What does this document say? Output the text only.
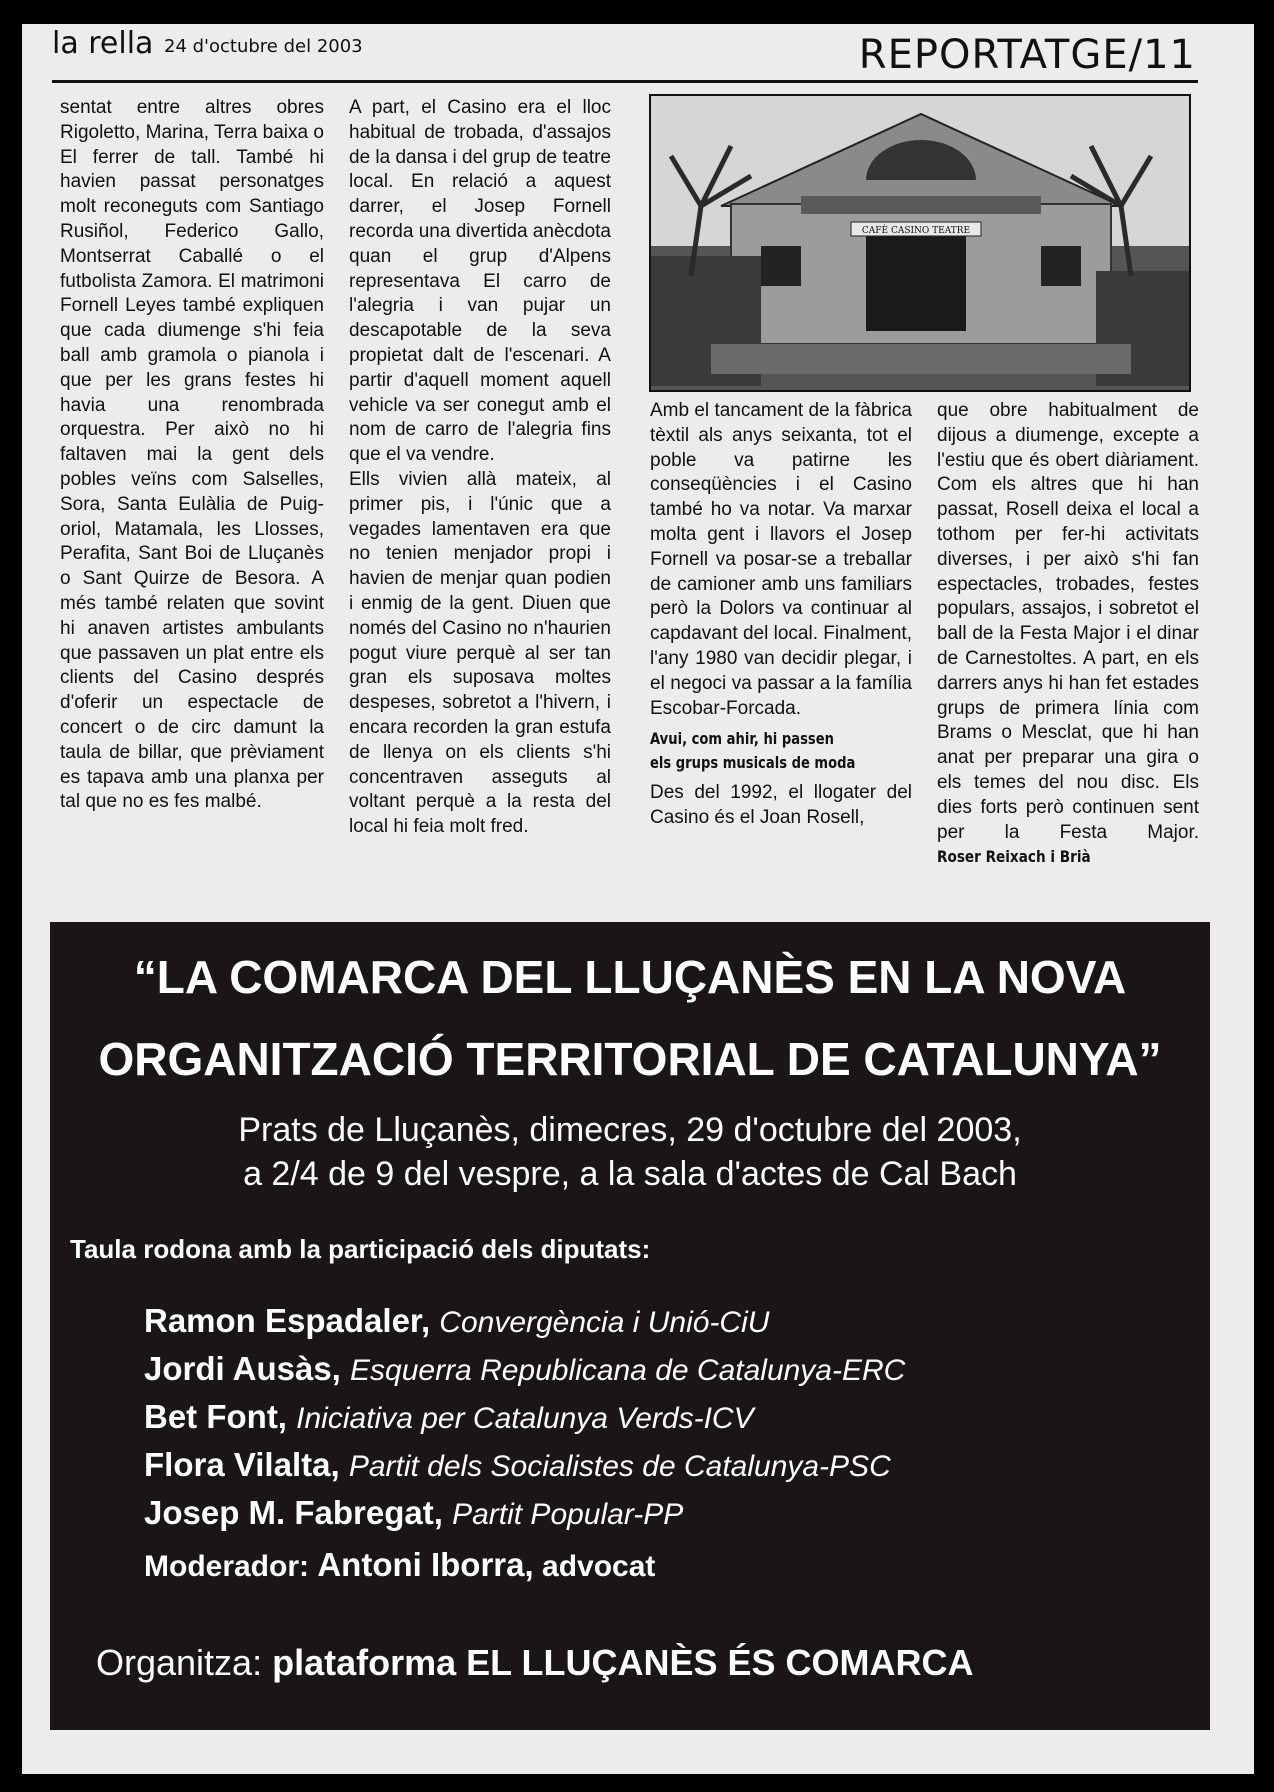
la rella 24 d'octubre del 2003	REPORTATGE/11

sentat entre altres obres Rigoletto, Marina, Terra baixa o El ferrer de tall. També hi havien passat personatges molt reconeguts com Santiago Rusiñol, Federico Gallo, Montserrat Caballé o el futbolista Zamora. El matrimoni Fornell Leyes també expliquen que cada diumenge s'hi feia ball amb gramola o pianola i que per les grans festes hi havia una renombrada orquestra. Per això no hi faltaven mai la gent dels pobles veïns com Salselles, Sora, Santa Eulàlia de Puig-oriol, Matamala, les Llosses, Perafita, Sant Boi de Lluçanès o Sant Quirze de Besora. A més també relaten que sovint hi anaven artistes ambulants que passaven un plat entre els clients del Casino després d'oferir un espectacle de concert o de circ damunt la taula de billar, que prèviament es tapava amb una planxa per tal que no es fes malbé.

A part, el Casino era el lloc habitual de trobada, d'assajos de la dansa i del grup de teatre local. En relació a aquest darrer, el Josep Fornell recorda una divertida anècdota quan el grup d'Alpens representava El carro de l'alegria i van pujar un descapotable de la seva propietat dalt de l'escenari. A partir d'aquell moment aquell vehicle va ser conegut amb el nom de carro de l'alegria fins que el va vendre.

Ells vivien allà mateix, al primer pis, i l'únic que a vegades lamentaven era que no tenien menjador propi i havien de menjar quan podien i enmig de la gent. Diuen que només del Casino no n'haurien pogut viure perquè al ser tan gran els suposava moltes despeses, sobretot a l'hivern, i encara recorden la gran estufa de llenya on els clients s'hi concentraven asseguts al voltant perquè a la resta del local hi feia molt fred.

CAFÈ CASINO TEATRE

Amb el tancament de la fàbrica tèxtil als anys seixanta, tot el poble va patirne les conseqüències i el Casino també ho va notar. Va marxar molta gent i llavors el Josep Fornell va posar-se a treballar de camioner amb uns familiars però la Dolors va continuar al capdavant del local. Finalment, l'any 1980 van decidir plegar, i el negoci va passar a la família Escobar-Forcada.

Avui, com ahir, hi passen
els grups musicals de moda

Des del 1992, el llogater del Casino és el Joan Rosell,

que obre habitualment de dijous a diumenge, excepte a l'estiu que és obert diàriament. Com els altres que hi han passat, Rosell deixa el local a tothom per fer-hi activitats diverses, i per això s'hi fan espectacles, trobades, festes populars, assajos, i sobretot el ball de la Festa Major i el dinar de Carnestoltes. A part, en els darrers anys hi han fet estades grups de primera línia com Brams o Mesclat, que hi han anat per preparar una gira o els temes del nou disc. Els dies forts però continuen sent per la Festa Major. Roser Reixach i Brià

“LA COMARCA DEL LLUÇANÈS EN LA NOVA
ORGANITZACIÓ TERRITORIAL DE CATALUNYA”
Prats de Lluçanès, dimecres, 29 d'octubre del 2003,
a 2/4 de 9 del vespre, a la sala d'actes de Cal Bach
Taula rodona amb la participació dels diputats:
Ramon Espadaler, Convergència i Unió-CiU
Jordi Ausàs, Esquerra Republicana de Catalunya-ERC
Bet Font, Iniciativa per Catalunya Verds-ICV
Flora Vilalta, Partit dels Socialistes de Catalunya-PSC
Josep M. Fabregat, Partit Popular-PP
Moderador: Antoni Iborra, advocat
Organitza: plataforma EL LLUÇANÈS ÉS COMARCA
